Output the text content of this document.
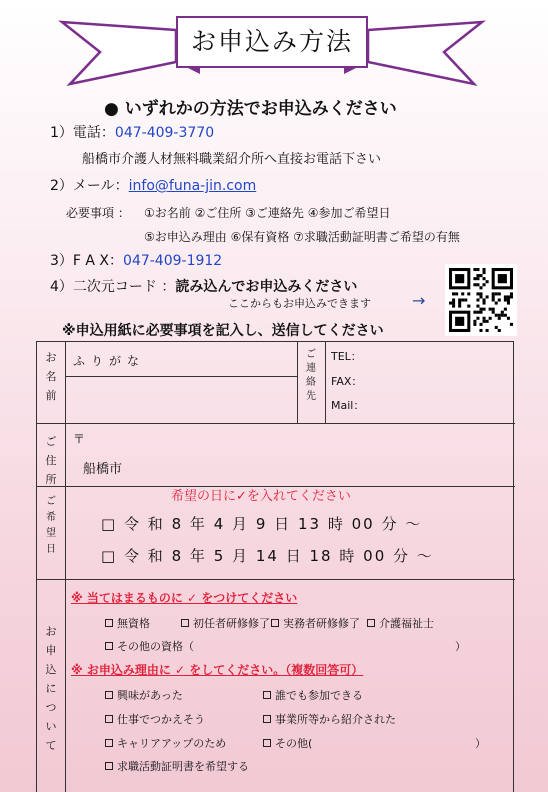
お申込み方法
● いずれかの方法でお申込みください
1）電話：047-409-3770
船橋市介護人材無料職業紹介所へ直接お電話下さい
2）メール：info@funa-jin.com
必要事項 ： ①お名前 ②ご住所 ③ご連絡先 ④参加ご希望日
⑤お申込み理由 ⑥保有資格 ⑦求職活動証明書ご希望の有無
3）F A X：047-409-1912
4）二次元コード ：読み込んでお申込みください
ここからもお申込みできます	→
※申込用紙に必要事項を記入し、送信してください
お名前
ふりがな	ご連絡先
TEL：
FAX：
Mail：
ご住所
〒
船橋市
ご希望日
希望の日に✓を入れてください
□ 令 和 8 年 4 月 9 日 13 時 00 分 ～
□ 令 和 8 年 5 月 14 日 18 時 00 分 ～
お申込について
※ 当てはまるものに ✓ をつけてください
無資格	初任者研修修了	実務者研修修了	介護福祉士
その他の資格（	）
※ お申込み理由に ✓ をしてください。（複数回答可）
興味があった	誰でも参加できる
仕事でつかえそう	事業所等から紹介された
キャリアアップのため	その他(	）
求職活動証明書を希望する
